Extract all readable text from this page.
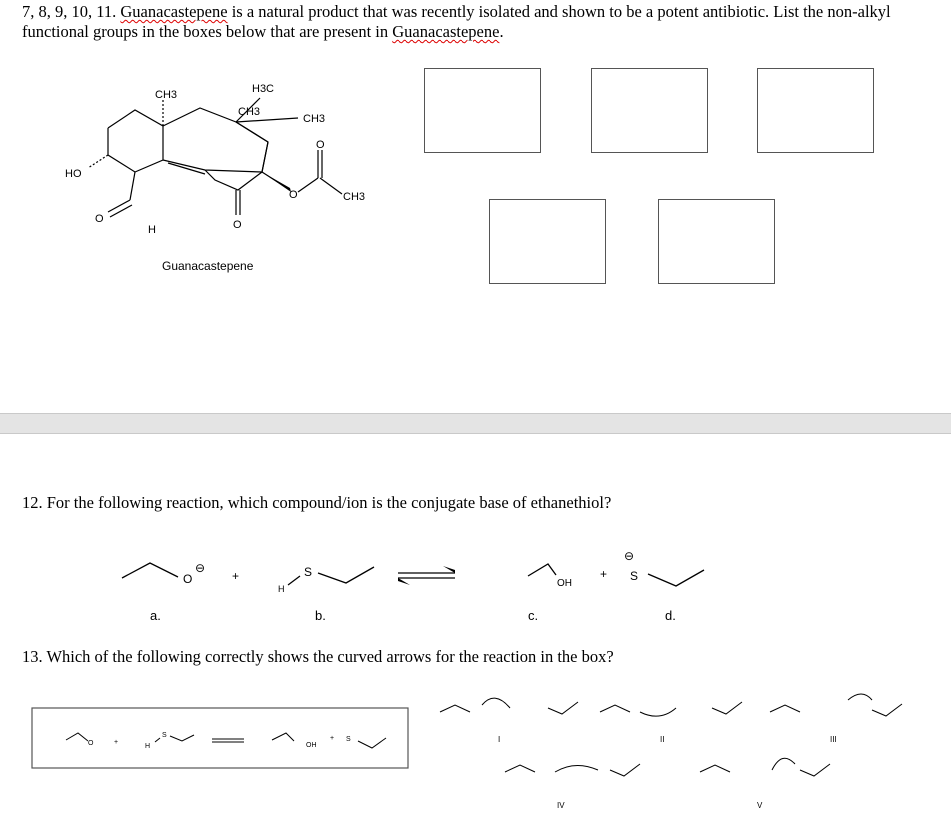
7, 8, 9, 10, 11. Guanacastepene is a natural product that was recently isolated and shown to be a potent antibiotic. List the non-alkyl functional groups in the boxes below that are present in Guanacastepene.
CH3	H3C
CH3
CH3
CH3
HO
H
O	O
O
O
Guanacastepene
O
⊖
+
H
S
OH
+
⊖
S
a.	b.	c.	d.
O	+
H
S
OH
+ S	I	II	III
IV	V
12. For the following reaction, which compound/ion is the conjugate base of ethanethiol?
13. Which of the following correctly shows the curved arrows for the reaction in the box?
